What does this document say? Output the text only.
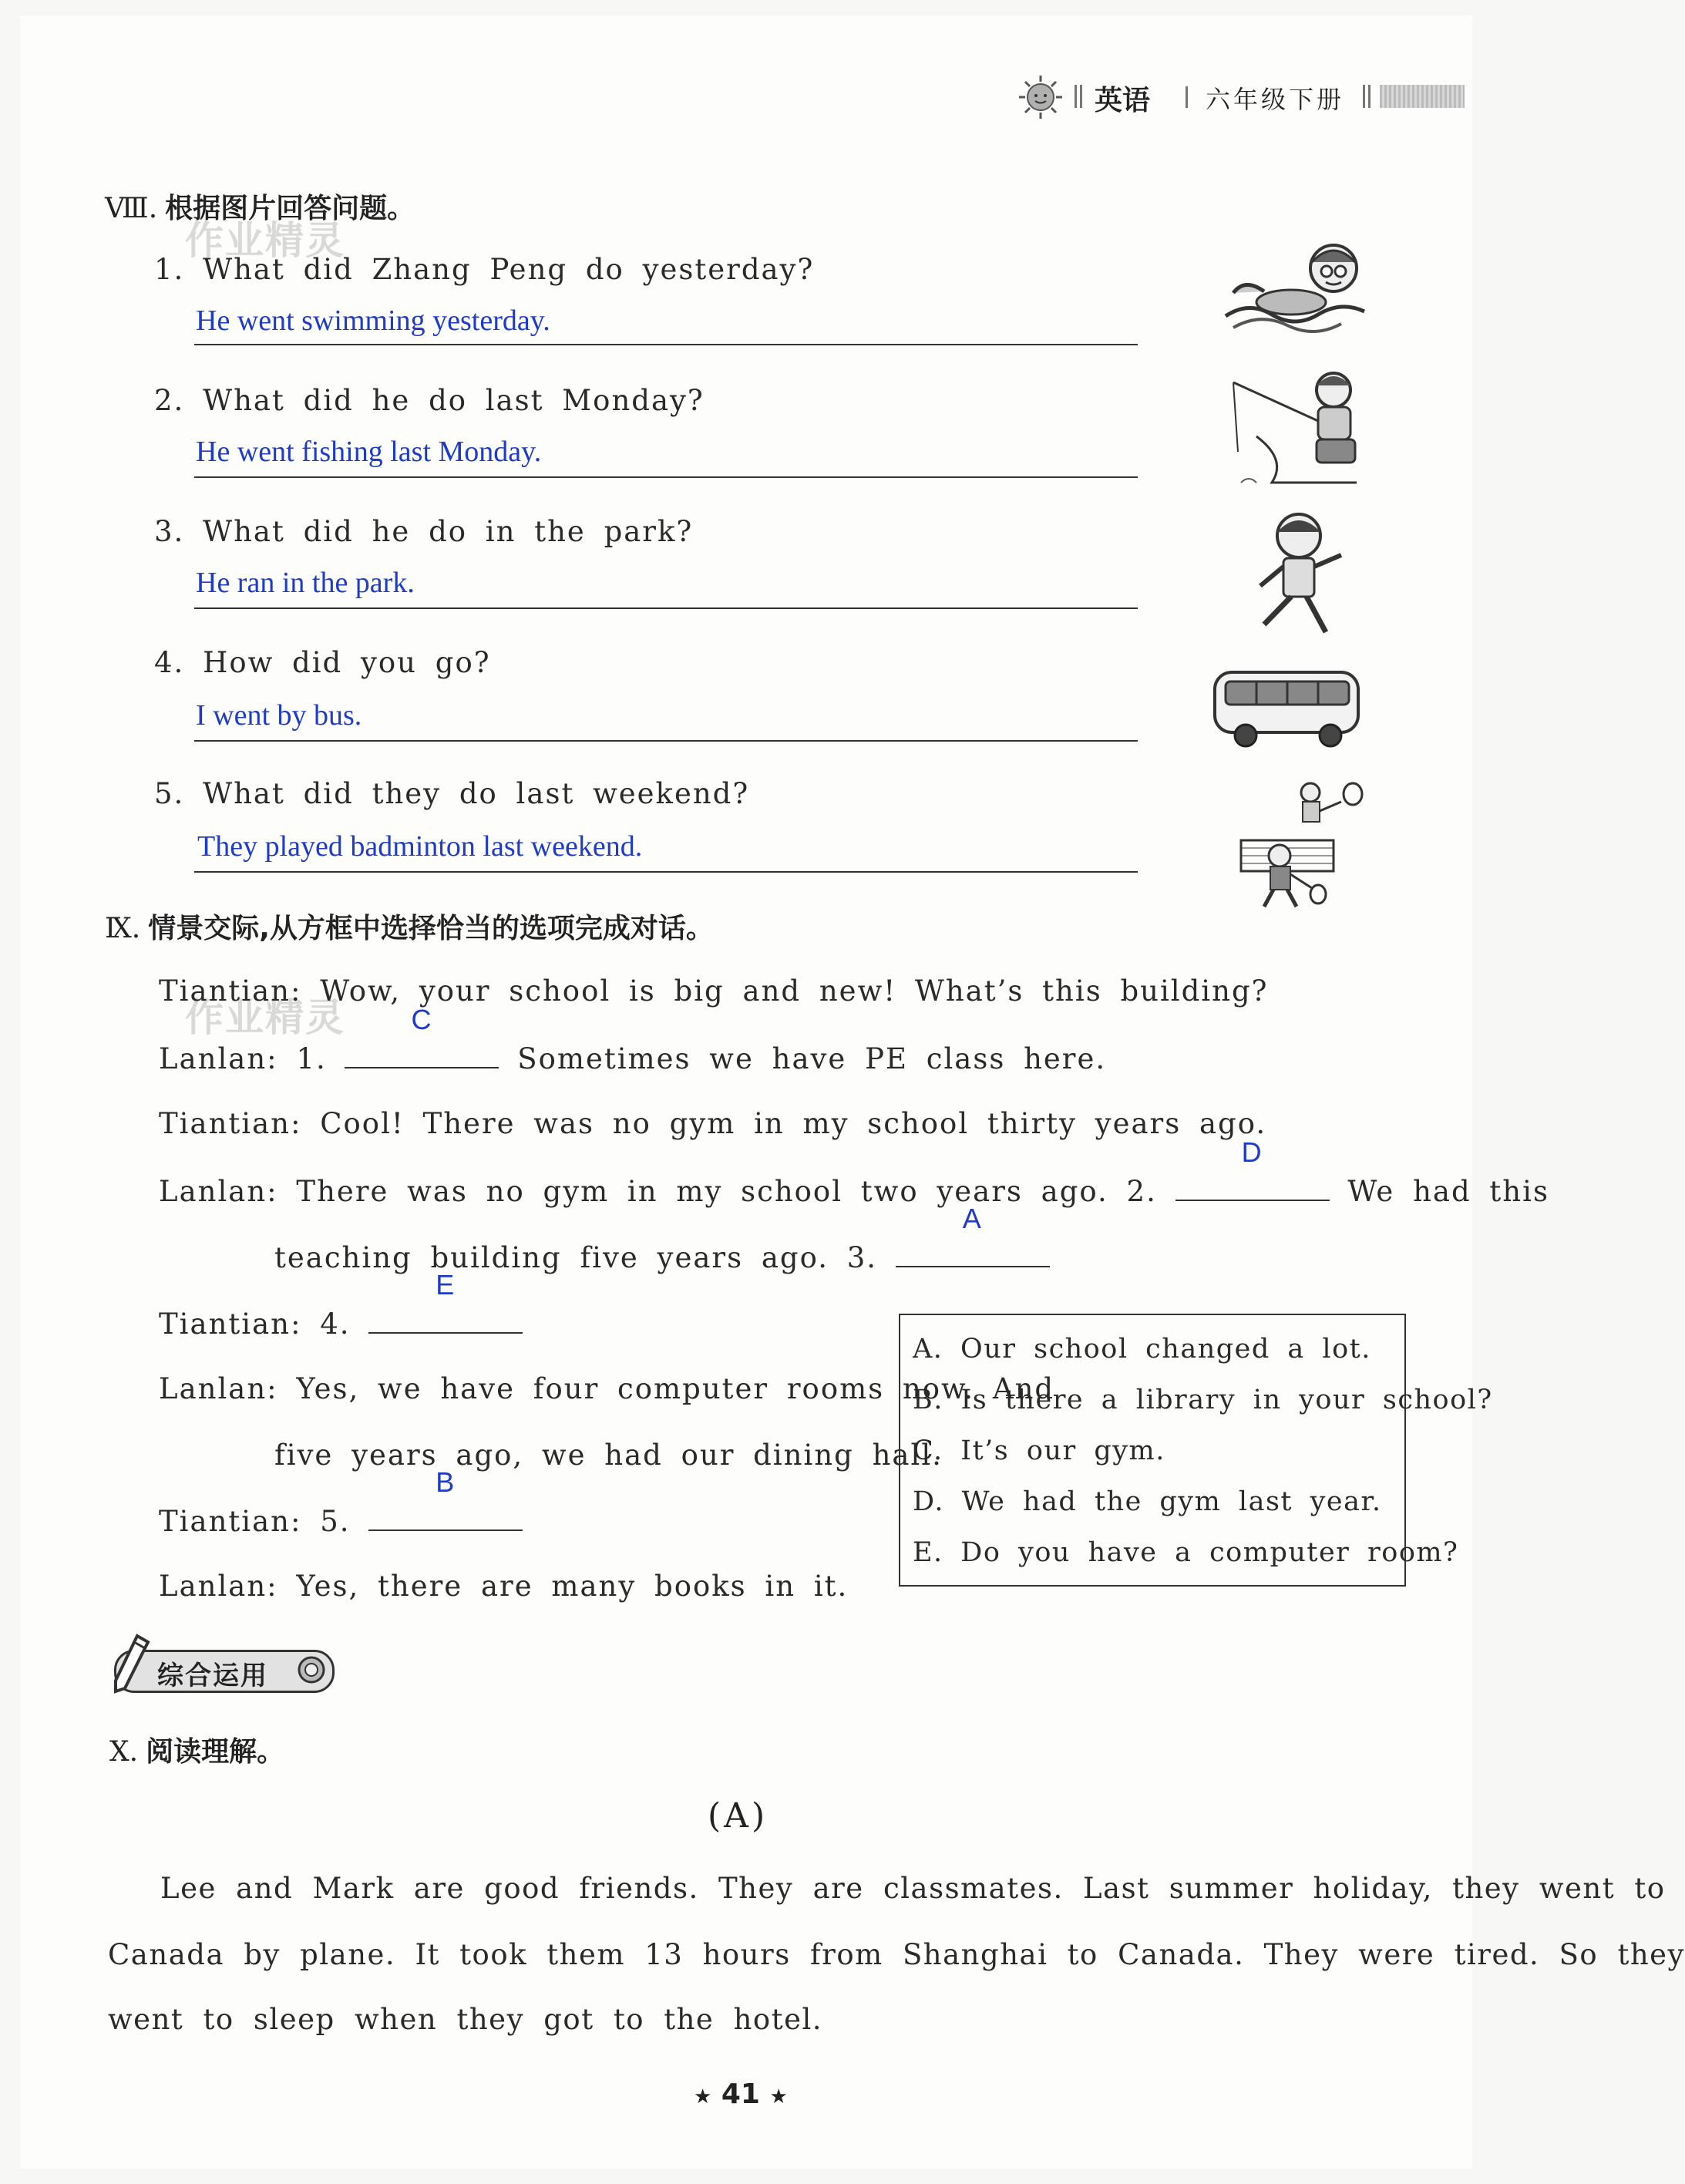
英语 六年级下册
Ⅷ. 根据图片回答问题。
作业精灵
1. What did Zhang Peng do yesterday?
He went swimming yesterday.
2. What did he do last Monday?
He went fishing last Monday.
3. What did he do in the park?
He ran in the park.
4. How did you go?
I went by bus.
5. What did they do last weekend?
They played badminton last weekend.
Ⅸ. 情景交际,从方框中选择恰当的选项完成对话。
作业精灵
Tiantian: Wow, your school is big and new! What’s this building?
Lanlan: 1.
C
Sometimes we have PE class here.
Tiantian: Cool! There was no gym in my school thirty years ago.
Lanlan: There was no gym in my school two years ago. 2.
D
We had this
teaching building five years ago. 3.
A
Tiantian: 4.
E
Lanlan: Yes, we have four computer rooms now. And
five years ago, we had our dining hall.
Tiantian: 5.
B
Lanlan: Yes, there are many books in it.
A. Our school changed a lot.
B. Is there a library in your school?
C. It’s our gym.
D. We had the gym last year.
E. Do you have a computer room?
综合运用
Ⅹ. 阅读理解。
(A)
Lee and Mark are good friends. They are classmates. Last summer holiday, they went to
Canada by plane. It took them 13 hours from Shanghai to Canada. They were tired. So they
went to sleep when they got to the hotel.
★ 41 ★
